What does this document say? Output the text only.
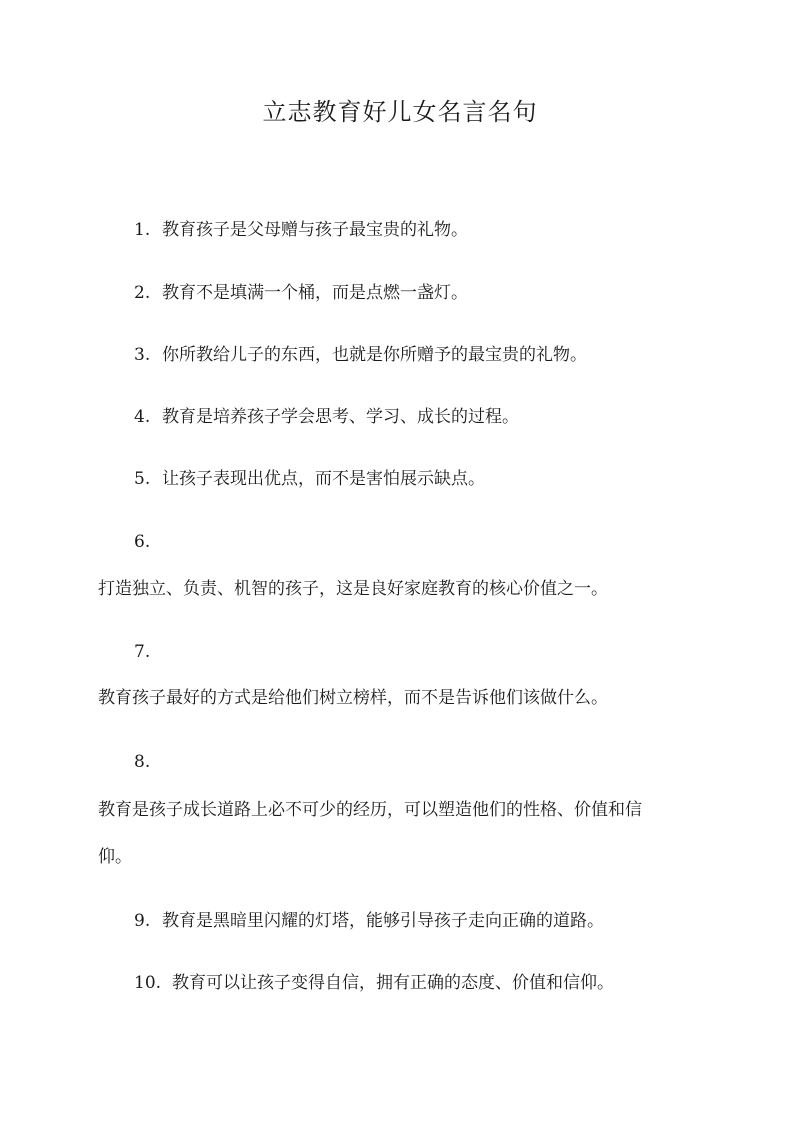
立志教育好儿女名言名句
1. 教育孩子是父母赠与孩子最宝贵的礼物。
2. 教育不是填满一个桶，而是点燃一盏灯。
3. 你所教给儿子的东西，也就是你所赠予的最宝贵的礼物。
4. 教育是培养孩子学会思考、学习、成长的过程。
5. 让孩子表现出优点，而不是害怕展示缺点。
6.
打造独立、负责、机智的孩子，这是良好家庭教育的核心价值之一。
7.
教育孩子最好的方式是给他们树立榜样，而不是告诉他们该做什么。
8.
教育是孩子成长道路上必不可少的经历，可以塑造他们的性格、价值和信
仰。
9. 教育是黑暗里闪耀的灯塔，能够引导孩子走向正确的道路。
10. 教育可以让孩子变得自信，拥有正确的态度、价值和信仰。
